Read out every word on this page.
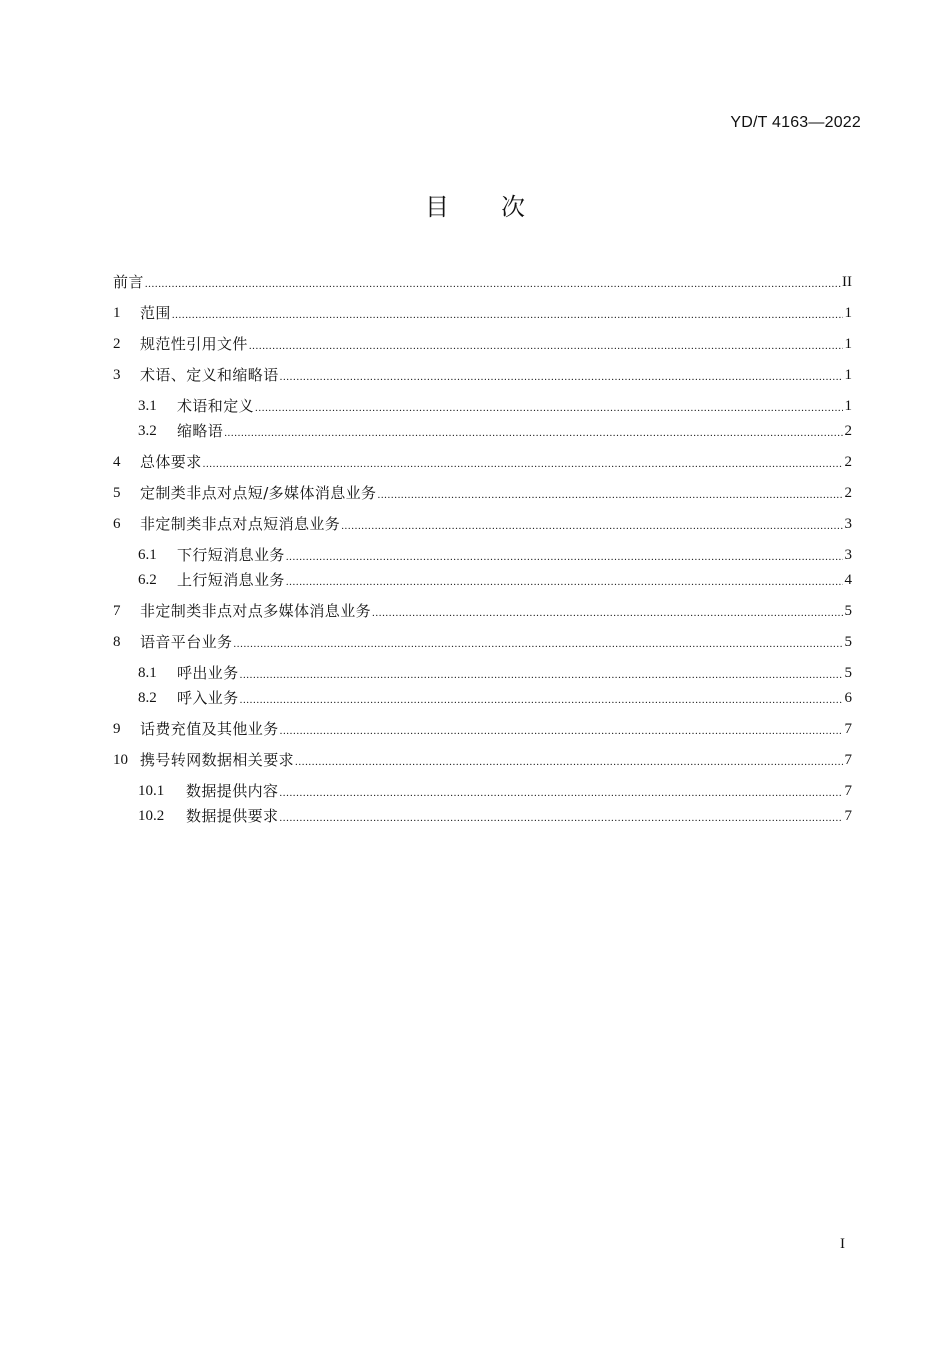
YD/T 4163—2022
目 次
前言 .....	II
1	范围 .....	1
2	规范性引用文件 .....	1
3	术语、定义和缩略语 .....	1
3.1	术语和定义 .....	1
3.2	缩略语 .....	2
4	总体要求 .....	2
5	定制类非点对点短/多媒体消息业务 .....	2
6	非定制类非点对点短消息业务 .....	3
6.1	下行短消息业务 .....	3
6.2	上行短消息业务 .....	4
7	非定制类非点对点多媒体消息业务 .....	5
8	语音平台业务 .....	5
8.1	呼出业务 .....	5
8.2	呼入业务 .....	6
9	话费充值及其他业务 .....	7
10 携号转网数据相关要求 .....	7
10.1	数据提供内容 .....	7
10.2	数据提供要求 .....	7
I
